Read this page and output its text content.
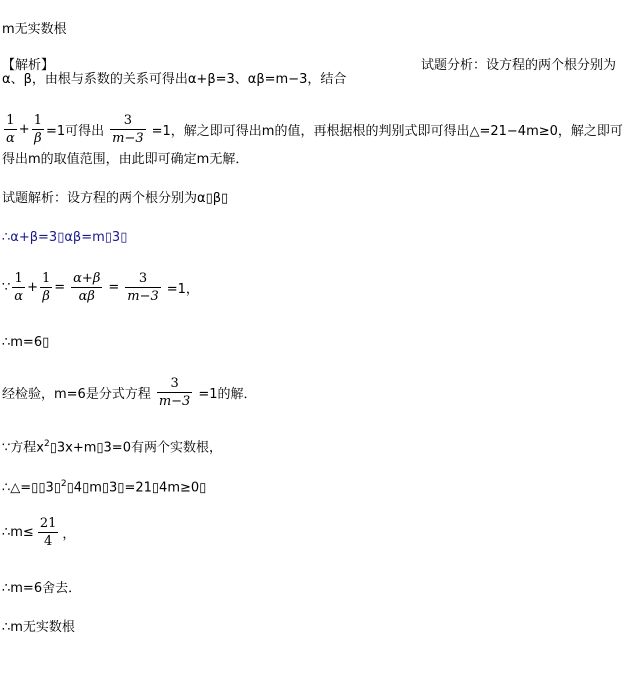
m无实数根
【解析】	试题分析：设方程的两个根分别为
α、β，由根与系数的关系可得出α+β=3、αβ=m−3，结合
$\frac{1}{\alpha} + \frac{1}{\beta} =1$可得出 $\frac{3}{m-3} =1$，解之即可得出m的值，再根据根的判别式即可得出△=21−4m≥0，解之即可
得出m的取值范围，由此即可确定m无解．
试题解析：设方程的两个根分别为α▯β▯
∴α+β=3▯αβ=m▯3▯
∵ $\frac{1}{\alpha} + \frac{1}{\beta} = \frac{\alpha+\beta}{\alpha\beta} = \frac{3}{m-3} =1$，
∴m=6▯
经检验，m=6是分式方程 $\frac{3}{m-3} =1$的解．
∵方程$x^2▯3x+m▯3=0$有两个实数根，
∴△=▯▯3▯$^2$▯4▯m▯3▯=21▯4m≥0▯
∴m≤ $\frac{21}{4}$ ，
∴m=6舍去．
∴m无实数根
